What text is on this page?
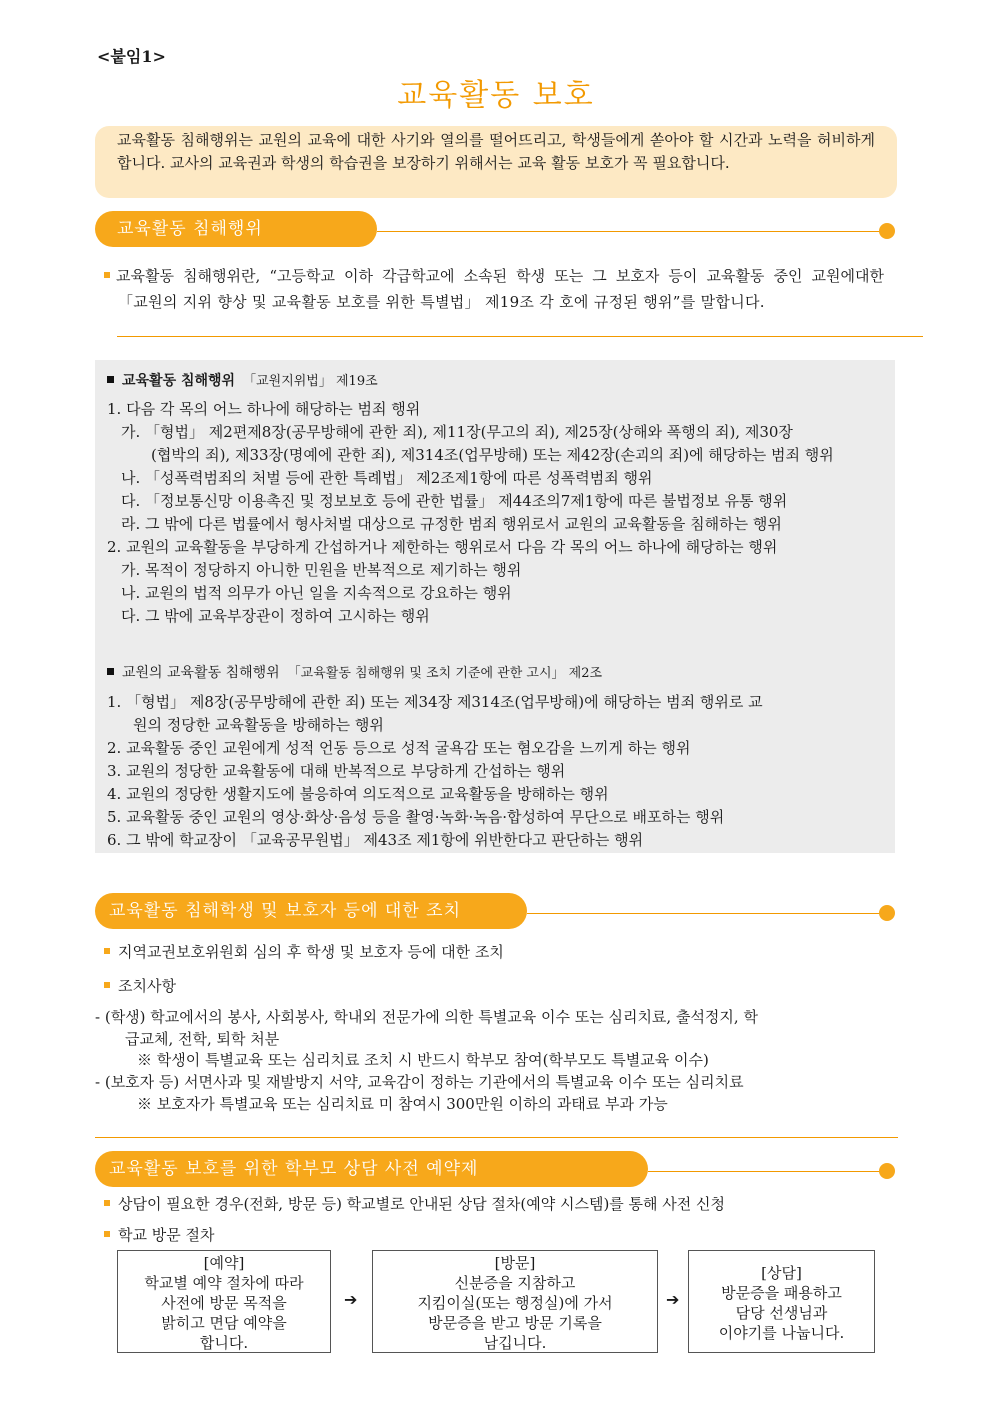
<붙임1>
교육활동 보호
교육활동 침해행위는 교원의 교육에 대한 사기와 열의를 떨어뜨리고, 학생들에게 쏟아야 할 시간과 노력을 허비하게 합니다. 교사의 교육권과 학생의 학습권을 보장하기 위해서는 교육 활동 보호가 꼭 필요합니다.
교육활동 침해행위

교육활동 침해행위란, “고등학교 이하 각급학교에 소속된 학생 또는 그 보호자 등이 교육활동 중인 교원에대한

「교원의 지위 향상 및 교육활동 보호를 위한 특별법」 제19조 각 호에 규정된 행위”를 말합니다.

교육활동 침해행위 「교원지위법」 제19조
1. 다음 각 목의 어느 하나에 해당하는 범죄 행위
가. 「형법」 제2편제8장(공무방해에 관한 죄), 제11장(무고의 죄), 제25장(상해와 폭행의 죄), 제30장
(협박의 죄), 제33장(명예에 관한 죄), 제314조(업무방해) 또는 제42장(손괴의 죄)에 해당하는 범죄 행위
나. 「성폭력범죄의 처벌 등에 관한 특례법」 제2조제1항에 따른 성폭력범죄 행위
다. 「정보통신망 이용촉진 및 정보보호 등에 관한 법률」 제44조의7제1항에 따른 불법정보 유통 행위
라. 그 밖에 다른 법률에서 형사처벌 대상으로 규정한 범죄 행위로서 교원의 교육활동을 침해하는 행위
2. 교원의 교육활동을 부당하게 간섭하거나 제한하는 행위로서 다음 각 목의 어느 하나에 해당하는 행위
가. 목적이 정당하지 아니한 민원을 반복적으로 제기하는 행위
나. 교원의 법적 의무가 아닌 일을 지속적으로 강요하는 행위
다. 그 밖에 교육부장관이 정하여 고시하는 행위
교원의 교육활동 침해행위 「교육활동 침해행위 및 조치 기준에 관한 고시」 제2조
1. 「형법」 제8장(공무방해에 관한 죄) 또는 제34장 제314조(업무방해)에 해당하는 범죄 행위로 교
원의 정당한 교육활동을 방해하는 행위
2. 교육활동 중인 교원에게 성적 언동 등으로 성적 굴욕감 또는 혐오감을 느끼게 하는 행위
3. 교원의 정당한 교육활동에 대해 반복적으로 부당하게 간섭하는 행위
4. 교원의 정당한 생활지도에 불응하여 의도적으로 교육활동을 방해하는 행위
5. 교육활동 중인 교원의 영상·화상·음성 등을 촬영·녹화·녹음·합성하여 무단으로 배포하는 행위
6. 그 밖에 학교장이 「교육공무원법」 제43조 제1항에 위반한다고 판단하는 행위
교육활동 침해학생 및 보호자 등에 대한 조치
지역교권보호위원회 심의 후 학생 및 보호자 등에 대한 조치
조치사항
- (학생) 학교에서의 봉사, 사회봉사, 학내외 전문가에 의한 특별교육 이수 또는 심리치료, 출석정지, 학
급교체, 전학, 퇴학 처분
※ 학생이 특별교육 또는 심리치료 조치 시 반드시 학부모 참여(학부모도 특별교육 이수)
- (보호자 등) 서면사과 및 재발방지 서약, 교육감이 정하는 기관에서의 특별교육 이수 또는 심리치료
※ 보호자가 특별교육 또는 심리치료 미 참여시 300만원 이하의 과태료 부과 가능
교육활동 보호를 위한 학부모 상담 사전 예약제
상담이 필요한 경우(전화, 방문 등) 학교별로 안내된 상담 절차(예약 시스템)를 통해 사전 신청
학교 방문 절차
[예약]
학교별 예약 절차에 따라
사전에 방문 목적을
밝히고 면담 예약을
합니다.
➔
[방문]
신분증을 지참하고
지킴이실(또는 행정실)에 가서
방문증을 받고 방문 기록을
남깁니다.
➔
[상담]
방문증을 패용하고
담당 선생님과
이야기를 나눕니다.
